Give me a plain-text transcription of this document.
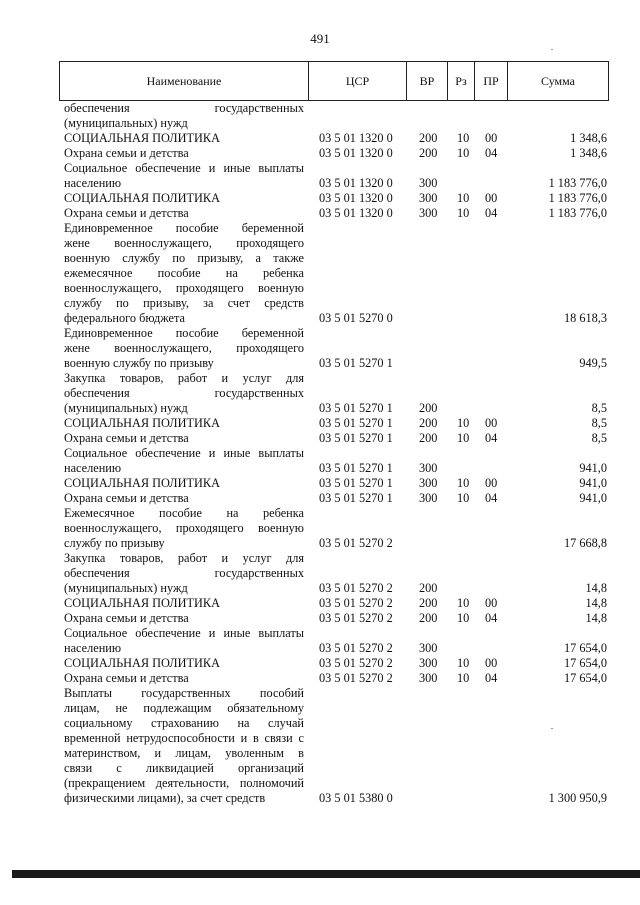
491
Наименование	ЦСР	ВР	Рз	ПР	Сумма
обеспечения государственных
(муниципальных) нужд
СОЦИАЛЬНАЯ ПОЛИТИКА	03 5 01 1320 0 200 10 00	1 348,6
Охрана семьи и детства	03 5 01 1320 0 200 10 04	1 348,6
Социальное обеспечение и иные выплаты
населению	03 5 01 1320 0 300	1 183 776,0
СОЦИАЛЬНАЯ ПОЛИТИКА	03 5 01 1320 0 300 10 00	1 183 776,0
Охрана семьи и детства	03 5 01 1320 0 300 10 04	1 183 776,0
Единовременное пособие беременной
жене военнослужащего, проходящего
военную службу по призыву, а также
ежемесячное пособие на ребенка
военнослужащего, проходящего военную
службу по призыву, за счет средств
федерального бюджета	03 5 01 5270 0	18 618,3
Единовременное пособие беременной
жене военнослужащего, проходящего
военную службу по призыву	03 5 01 5270 1	949,5
Закупка товаров, работ и услуг для
обеспечения государственных
(муниципальных) нужд	03 5 01 5270 1 200	8,5
СОЦИАЛЬНАЯ ПОЛИТИКА	03 5 01 5270 1 200 10 00	8,5
Охрана семьи и детства	03 5 01 5270 1 200 10 04	8,5
Социальное обеспечение и иные выплаты
населению	03 5 01 5270 1 300	941,0
СОЦИАЛЬНАЯ ПОЛИТИКА	03 5 01 5270 1 300 10 00	941,0
Охрана семьи и детства	03 5 01 5270 1 300 10 04	941,0
Ежемесячное пособие на ребенка
военнослужащего, проходящего военную
службу по призыву	03 5 01 5270 2	17 668,8
Закупка товаров, работ и услуг для
обеспечения государственных
(муниципальных) нужд	03 5 01 5270 2 200	14,8
СОЦИАЛЬНАЯ ПОЛИТИКА	03 5 01 5270 2 200 10 00	14,8
Охрана семьи и детства	03 5 01 5270 2 200 10 04	14,8
Социальное обеспечение и иные выплаты
населению	03 5 01 5270 2 300	17 654,0
СОЦИАЛЬНАЯ ПОЛИТИКА	03 5 01 5270 2 300 10 00	17 654,0
Охрана семьи и детства	03 5 01 5270 2 300 10 04	17 654,0
Выплаты государственных пособий
лицам, не подлежащим обязательному
социальному страхованию на случай
временной нетрудоспособности и в связи с
материнством, и лицам, уволенным в
связи с ликвидацией организаций
(прекращением деятельности, полномочий
физическими лицами), за счет средств	03 5 01 5380 0	1 300 950,9
